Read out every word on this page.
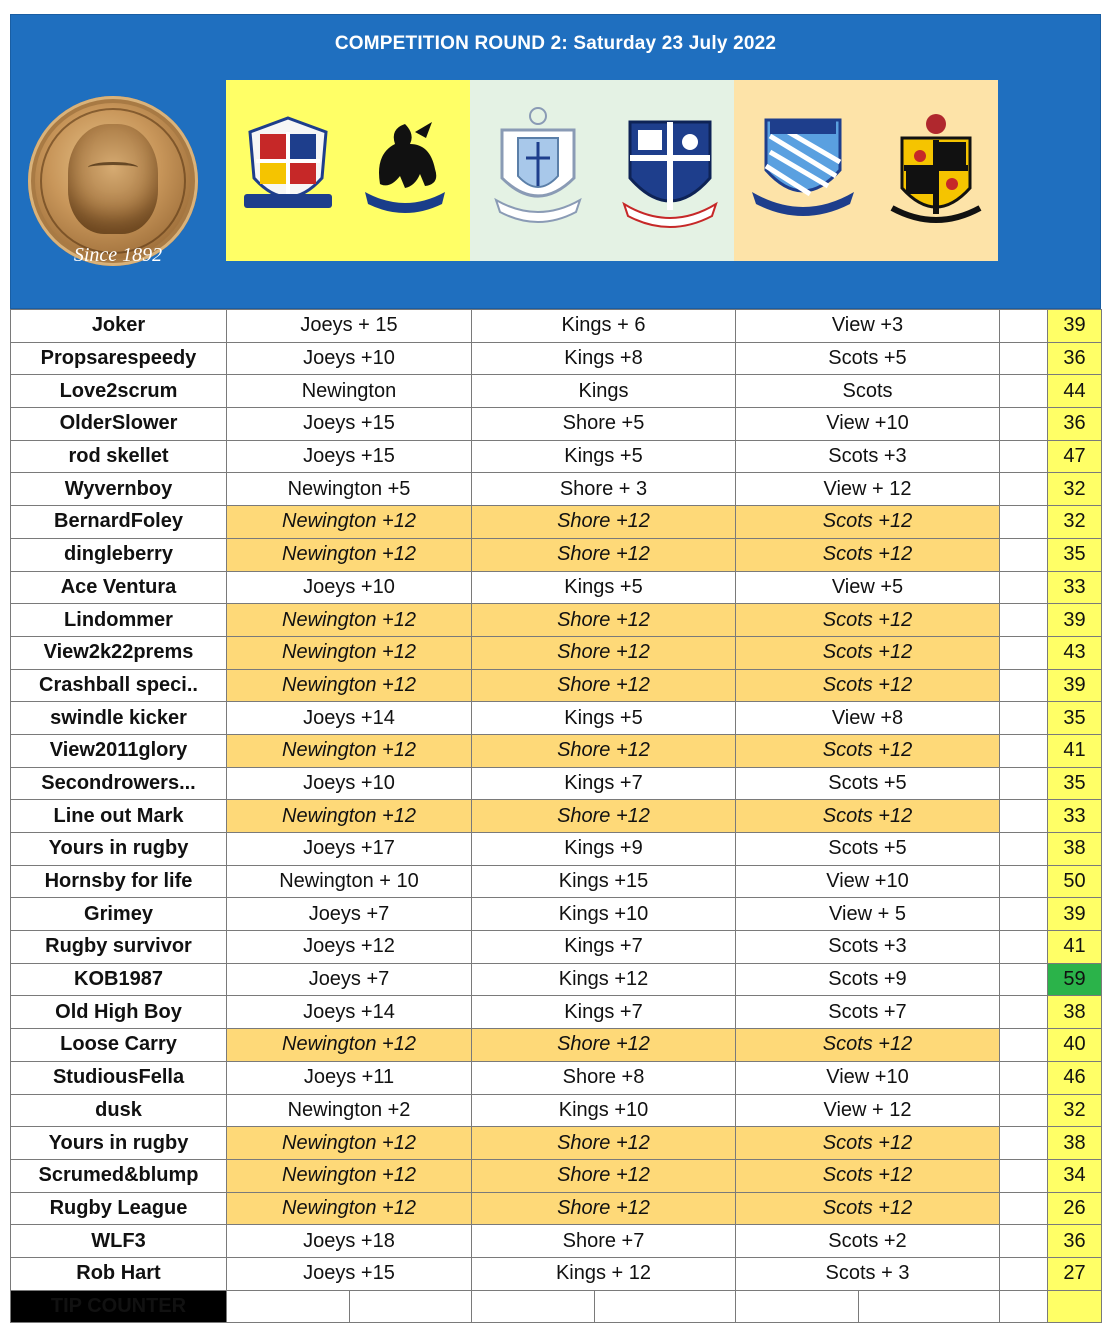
COMPETITION ROUND 2: Saturday 23 July 2022
Since 1892
Joker	Joeys + 15		Kings + 6		View +3			39
Propsarespeedy	Joeys +10		Kings +8		Scots +5			36
Love2scrum	Newington		Kings		Scots			44
OlderSlower	Joeys +15		Shore +5		View +10			36
rod skellet	Joeys +15		Kings +5		Scots +3			47
Wyvernboy	Newington +5		Shore + 3		View + 12			32
BernardFoley	Newington +12		Shore +12		Scots +12			32
dingleberry	Newington +12		Shore +12		Scots +12			35
Ace Ventura	Joeys +10		Kings +5		View +5			33
Lindommer	Newington +12		Shore +12		Scots +12			39
View2k22prems	Newington +12		Shore +12		Scots +12			43
Crashball speci..	Newington +12		Shore +12		Scots +12			39
swindle kicker	Joeys +14		Kings +5		View +8			35
View2011glory	Newington +12		Shore +12		Scots +12			41
Secondrowers...	Joeys +10		Kings +7		Scots +5			35
Line out Mark	Newington +12		Shore +12		Scots +12			33
Yours in rugby	Joeys +17		Kings +9		Scots +5			38
Hornsby for life	Newington + 10		Kings +15		View +10			50
Grimey	Joeys +7		Kings +10		View + 5			39
Rugby survivor	Joeys +12		Kings +7		Scots +3			41
KOB1987	Joeys +7		Kings +12		Scots +9			59
Old High Boy	Joeys +14		Kings +7		Scots +7			38
Loose Carry	Newington +12		Shore +12		Scots +12			40
StudiousFella	Joeys +11		Shore +8		View +10			46
dusk	Newington +2		Kings +10		View + 12			32
Yours in rugby	Newington +12		Shore +12		Scots +12			38
Scrumed&blump	Newington +12		Shore +12		Scots +12			34
Rugby League	Newington +12		Shore +12		Scots +12			26
WLF3	Joeys +18		Shore +7		Scots +2			36
Rob Hart	Joeys +15		Kings + 12		Scots + 3			27
TIP COUNTER								
